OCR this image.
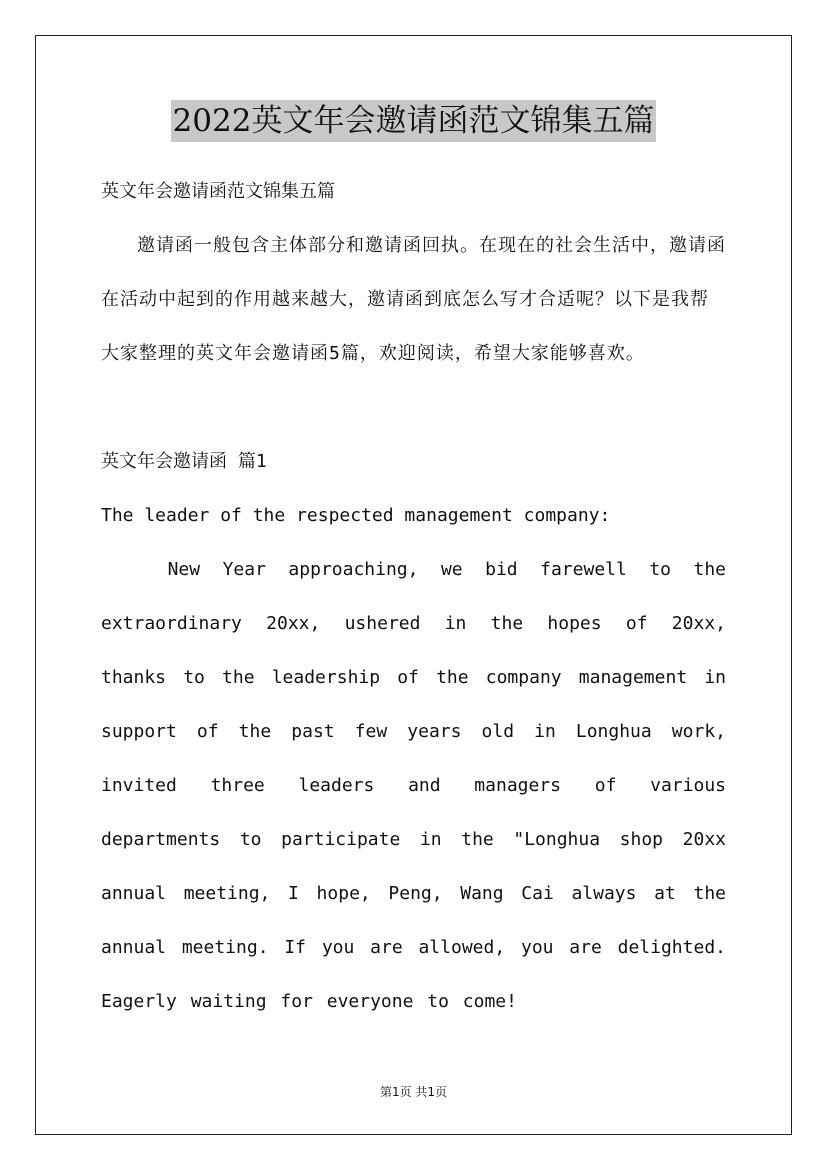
2022英文年会邀请函范文锦集五篇

英文年会邀请函范文锦集五篇

邀请函一般包含主体部分和邀请函回执。在现在的社会生活中，邀请函在活动中起到的作用越来越大，邀请函到底怎么写才合适呢？以下是我帮大家整理的英文年会邀请函5篇，欢迎阅读，希望大家能够喜欢。

英文年会邀请函 篇1

The leader of the respected management company:

New Year approaching, we bid farewell to the extraordinary 20xx, ushered in the hopes of 20xx, thanks to the leadership of the company management in support of the past few years old in Longhua work, invited three leaders and managers of various departments to participate in the "Longhua shop 20xx annual meeting, I hope, Peng, Wang Cai always at the annual meeting. If you are allowed, you are delighted. Eagerly waiting for everyone to come!

第1页 共1页
